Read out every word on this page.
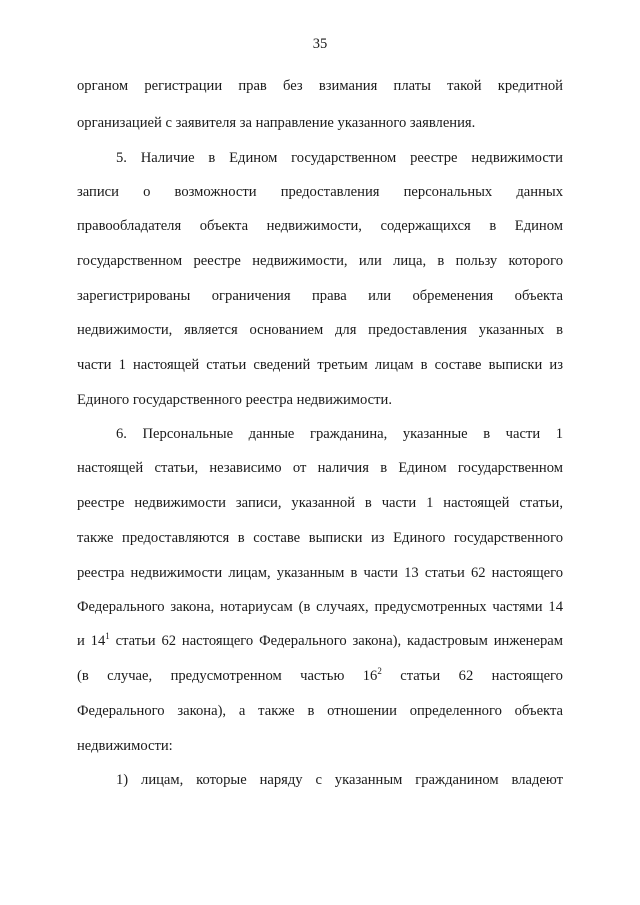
35
органом регистрации прав без взимания платы такой кредитной
организацией с заявителя за направление указанного заявления.
5. Наличие в Едином государственном реестре недвижимости
записи о возможности предоставления персональных данных
правообладателя объекта недвижимости, содержащихся в Едином
государственном реестре недвижимости, или лица, в пользу которого
зарегистрированы ограничения права или обременения объекта
недвижимости, является основанием для предоставления указанных в
части 1 настоящей статьи сведений третьим лицам в составе выписки из
Единого государственного реестра недвижимости.
6. Персональные данные гражданина, указанные в части 1
настоящей статьи, независимо от наличия в Едином государственном
реестре недвижимости записи, указанной в части 1 настоящей статьи,
также предоставляются в составе выписки из Единого государственного
реестра недвижимости лицам, указанным в части 13 статьи 62 настоящего
Федерального закона, нотариусам (в случаях, предусмотренных частями 14
и $14^1$ статьи 62 настоящего Федерального закона), кадастровым инженерам
(в случае, предусмотренном частью $16^2$ статьи 62 настоящего
Федерального закона), а также в отношении определенного объекта
недвижимости:
1) лицам, которые наряду с указанным гражданином владеют
